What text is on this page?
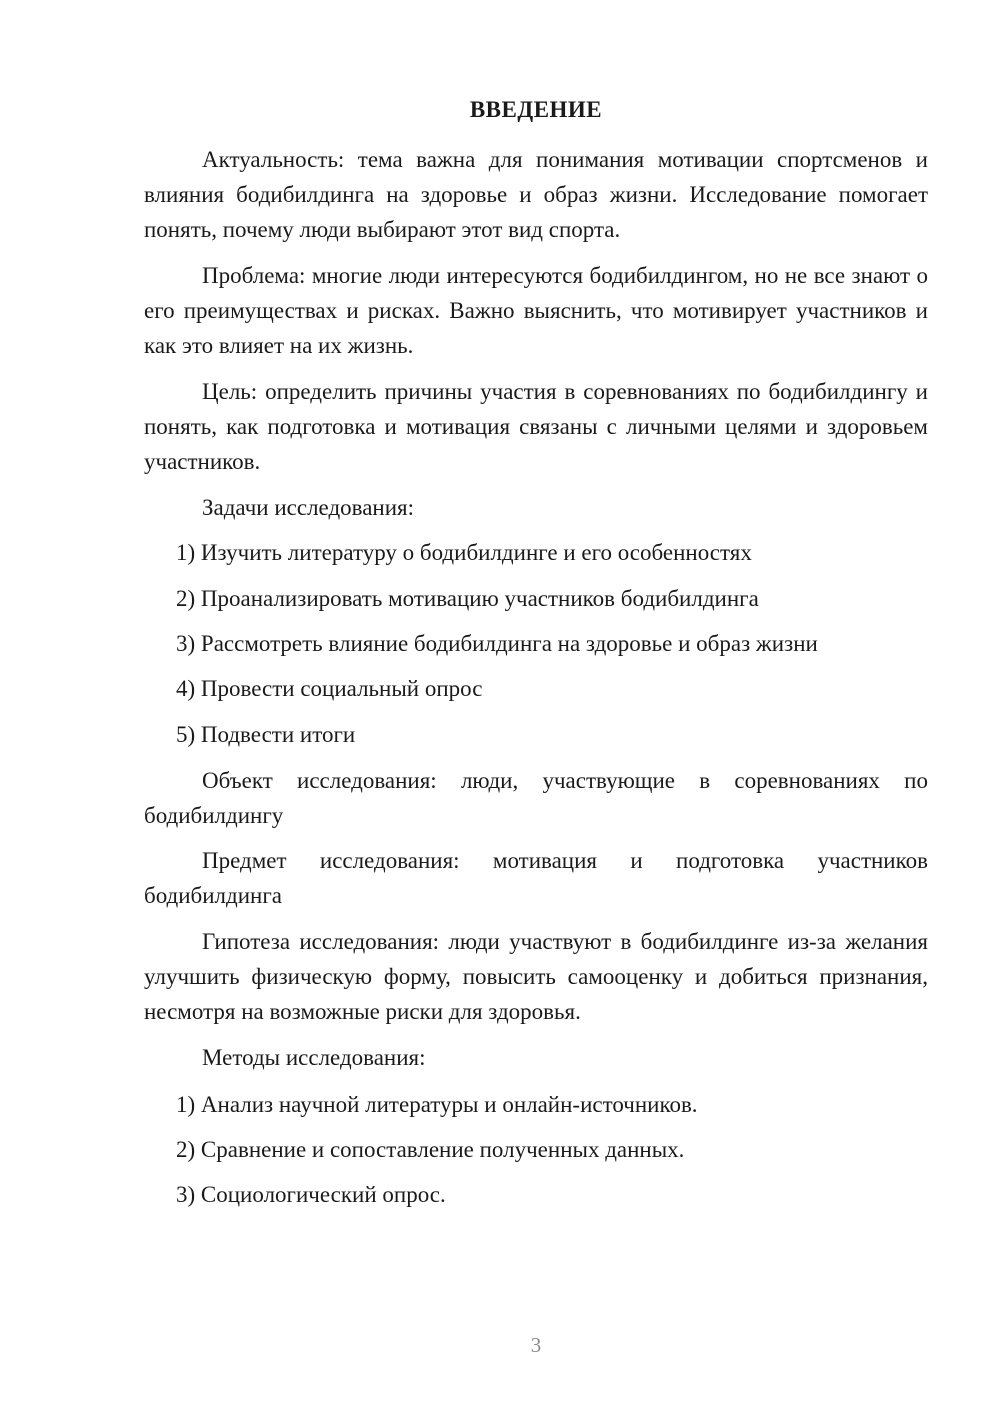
ВВЕДЕНИЕ

Актуальность: тема важна для понимания мотивации спортсменов и влияния бодибилдинга на здоровье и образ жизни. Исследование помогает понять, почему люди выбирают этот вид спорта.

Проблема: многие люди интересуются бодибилдингом, но не все знают о его преимуществах и рисках. Важно выяснить, что мотивирует участников и как это влияет на их жизнь.

Цель: определить причины участия в соревнованиях по бодибилдингу и понять, как подготовка и мотивация связаны с личными целями и здоровьем участников.

Задачи исследования:

1) Изучить литературу о бодибилдинге и его особенностях

2) Проанализировать мотивацию участников бодибилдинга

3) Рассмотреть влияние бодибилдинга на здоровье и образ жизни

4) Провести социальный опрос

5) Подвести итоги

Объект исследования: люди, участвующие в соревнованиях по бодибилдингу

Предмет исследования: мотивация и подготовка участников бодибилдинга

Гипотеза исследования: люди участвуют в бодибилдинге из-за желания улучшить физическую форму, повысить самооценку и добиться признания, несмотря на возможные риски для здоровья.

Методы исследования:

1) Анализ научной литературы и онлайн-источников.

2) Сравнение и сопоставление полученных данных.

3) Социологический опрос.

3
